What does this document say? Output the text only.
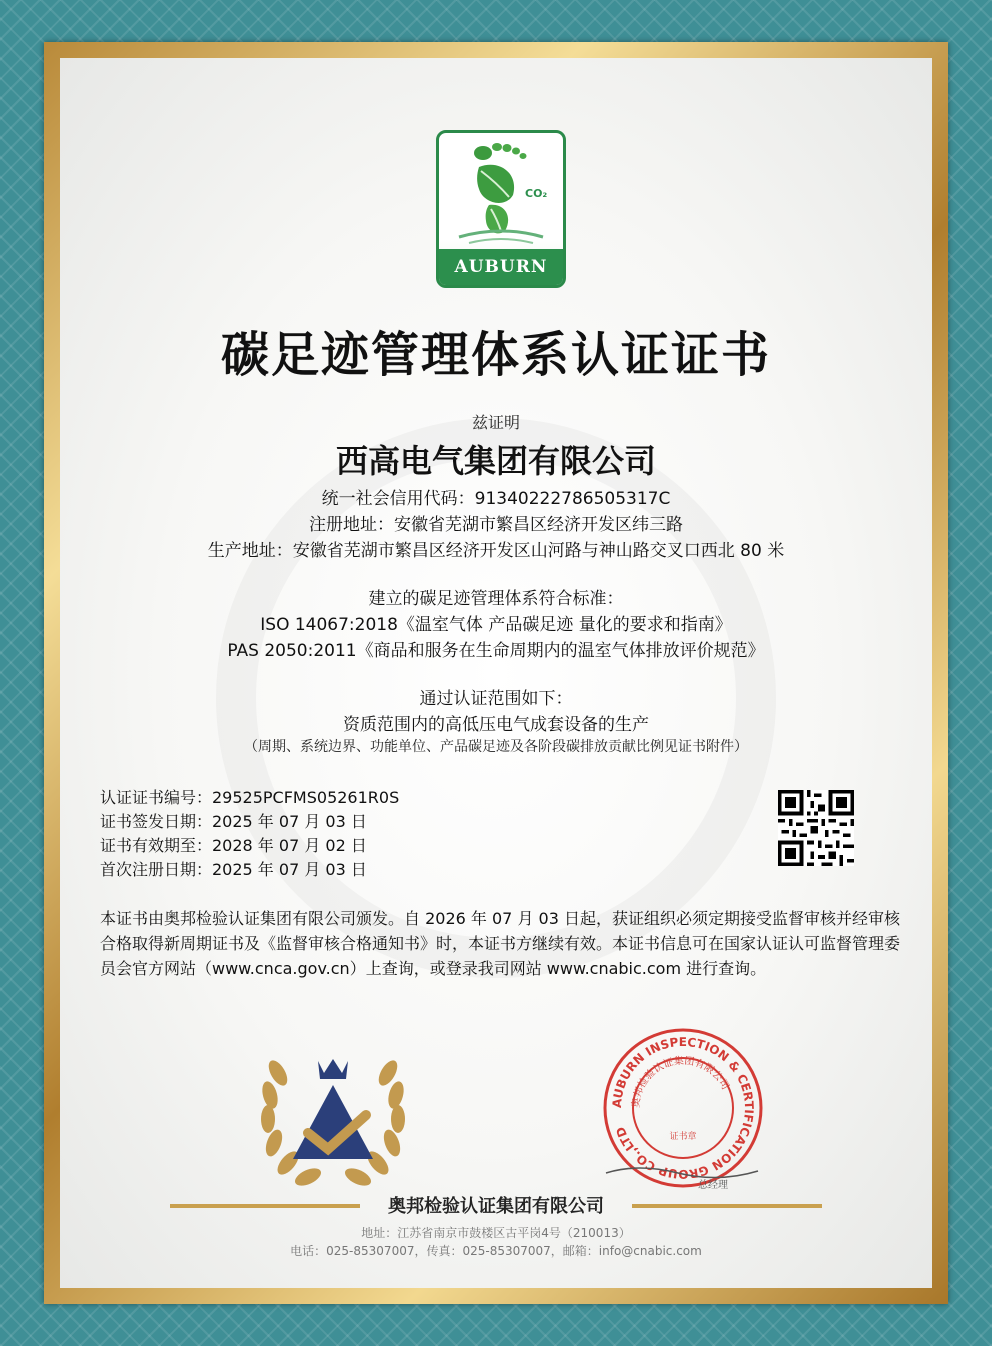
CO₂
AUBURN
碳足迹管理体系认证证书
兹证明
西高电气集团有限公司
统一社会信用代码：91340222786505317C
注册地址：安徽省芜湖市繁昌区经济开发区纬三路
生产地址：安徽省芜湖市繁昌区经济开发区山河路与神山路交叉口西北 80 米
建立的碳足迹管理体系符合标准：
ISO 14067:2018《温室气体 产品碳足迹 量化的要求和指南》
PAS 2050:2011《商品和服务在生命周期内的温室气体排放评价规范》
通过认证范围如下：
资质范围内的高低压电气成套设备的生产
（周期、系统边界、功能单位、产品碳足迹及各阶段碳排放贡献比例见证书附件）
认证证书编号：29525PCFMS05261R0S
证书签发日期：2025 年 07 月 03 日
证书有效期至：2028 年 07 月 02 日
首次注册日期：2025 年 07 月 03 日
本证书由奥邦检验认证集团有限公司颁发。自 2026 年 07 月 03 日起，获证组织必须定期接受监督审核并经审核合格取得新周期证书及《监督审核合格通知书》时，本证书方继续有效。本证书信息可在国家认证认可监督管理委员会官方网站（www.cnca.gov.cn）上查询，或登录我司网站 www.cnabic.com 进行查询。
AUBURN INSPECTION & CERTIFICATION GROUP CO.,LTD
奥邦检验认证集团有限公司
证书章
总经理
奥邦检验认证集团有限公司
地址：江苏省南京市鼓楼区古平岗4号（210013）
电话：025-85307007，传真：025-85307007，邮箱：info@cnabic.com
